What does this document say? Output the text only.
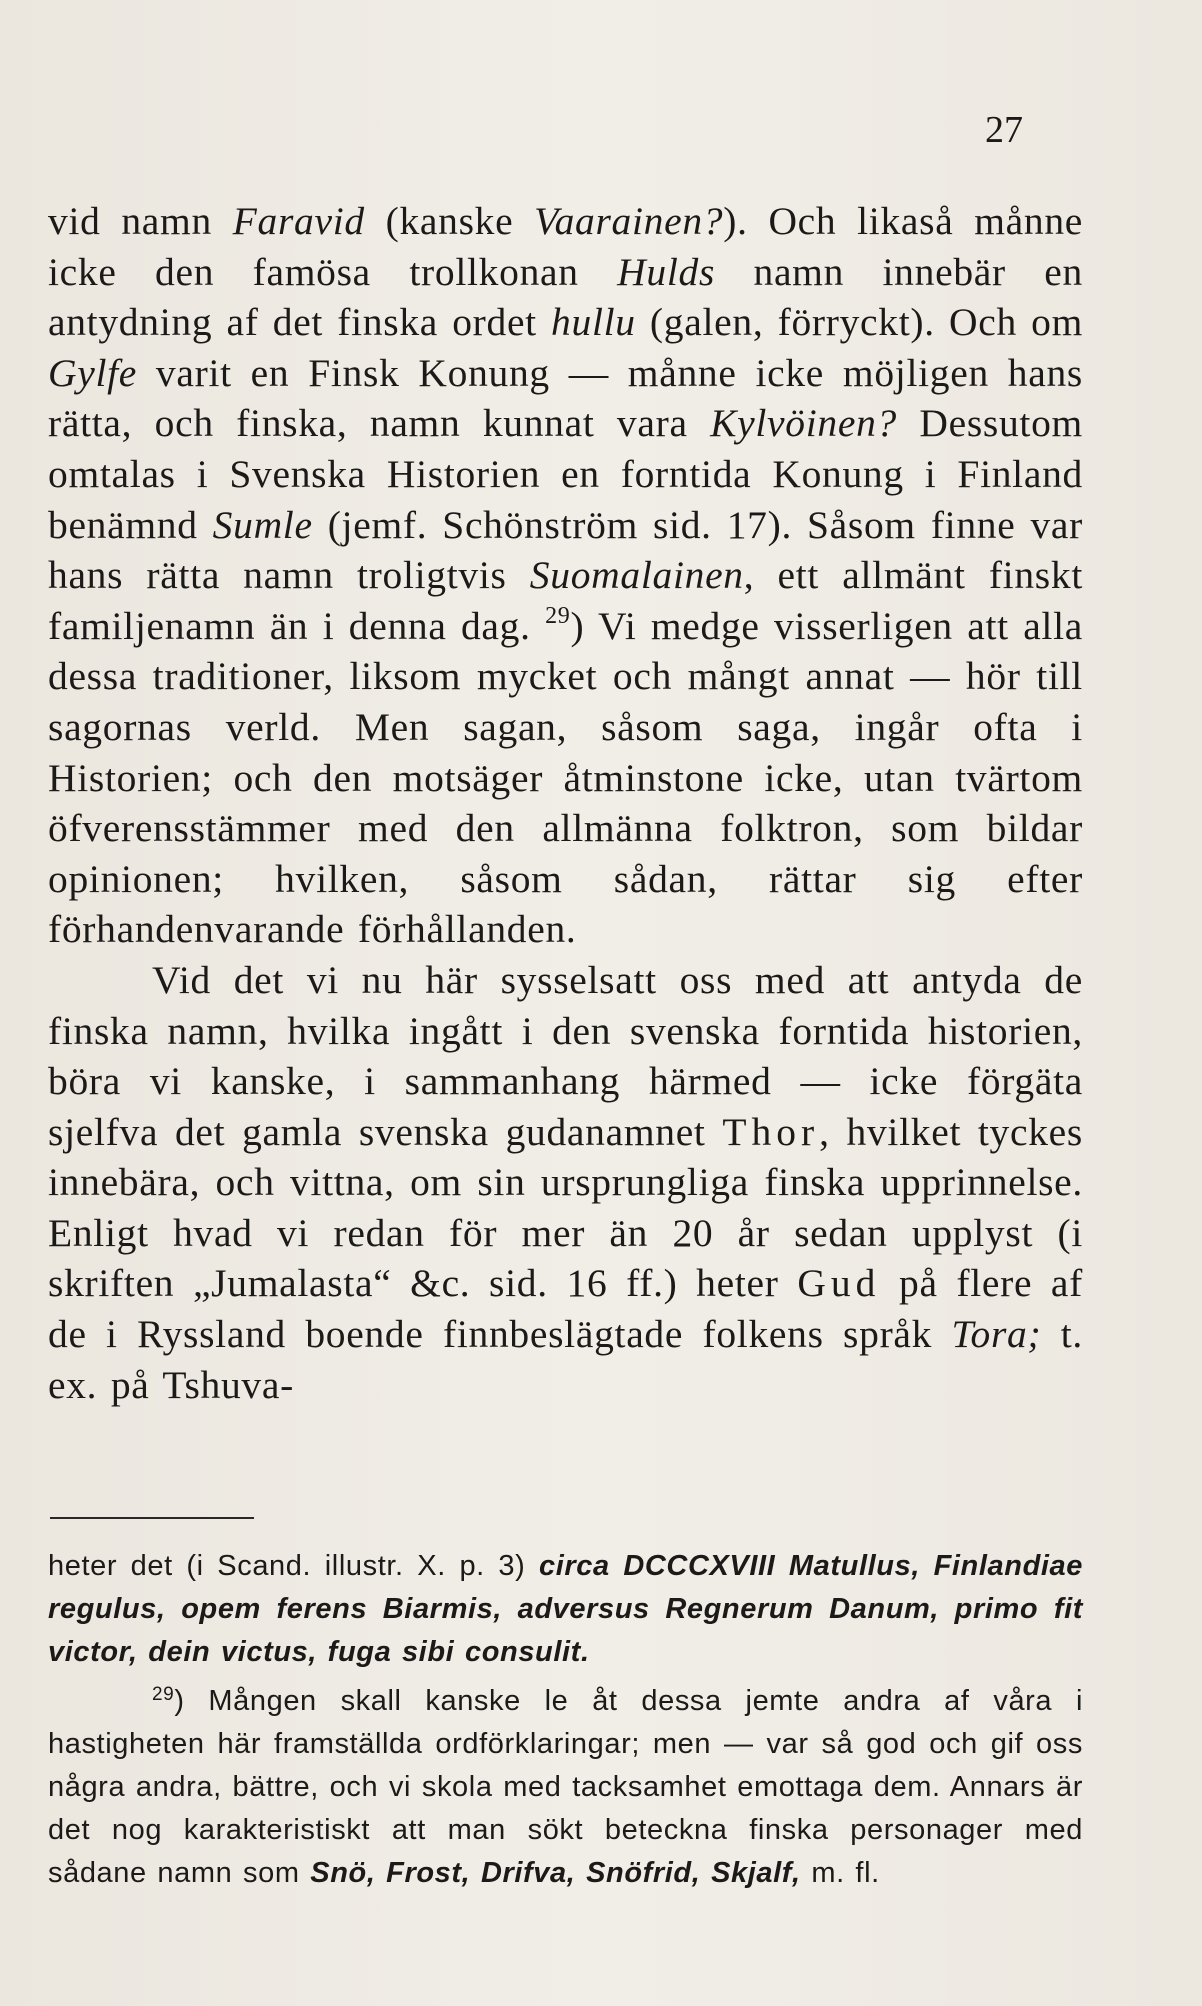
27

vid namn Faravid (kanske Vaarainen?). Och likaså månne icke den famösa trollkonan Hulds namn innebär en antydning af det finska ordet hullu (galen, förryckt). Och om Gylfe varit en Finsk Konung — månne icke möjligen hans rätta, och finska, namn kunnat vara Kylvöinen? Dessutom omtalas i Svenska Historien en forntida Konung i Finland benämnd Sumle (jemf. Schönström sid. 17). Såsom finne var hans rätta namn troligtvis Suomalainen, ett allmänt finskt familjenamn än i denna dag. $^{29}$) Vi medge visserligen att alla dessa traditioner, liksom mycket och mångt annat — hör till sagornas verld. Men sagan, såsom saga, ingår ofta i Historien; och den motsäger åtminstone icke, utan tvärtom öfverensstämmer med den allmänna folktron, som bildar opinionen; hvilken, såsom sådan, rättar sig efter förhandenvarande förhållanden.

Vid det vi nu här sysselsatt oss med att antyda de finska namn, hvilka ingått i den svenska forntida historien, böra vi kanske, i sammanhang härmed — icke förgäta sjelfva det gamla svenska gudanamnet Thor, hvilket tyckes innebära, och vittna, om sin ursprungliga finska upprinnelse. Enligt hvad vi redan för mer än 20 år sedan upplyst (i skriften „Jumalasta“ &c. sid. 16 ff.) heter Gud på flere af de i Ryssland boende finnbeslägtade folkens språk Tora; t. ex. på Tshuva-

heter det (i Scand. illustr. X. p. 3) circa DCCCXVIII Matullus, Finlandiae regulus, opem ferens Biarmis, adversus Regnerum Danum, primo fit victor, dein victus, fuga sibi consulit.

$^{29}$) Mången skall kanske le åt dessa jemte andra af våra i hastigheten här framställda ordförklaringar; men — var så god och gif oss några andra, bättre, och vi skola med tacksamhet emottaga dem. Annars är det nog karakteristiskt att man sökt beteckna finska personager med sådane namn som Snö, Frost, Drifva, Snöfrid, Skjalf, m. fl.
